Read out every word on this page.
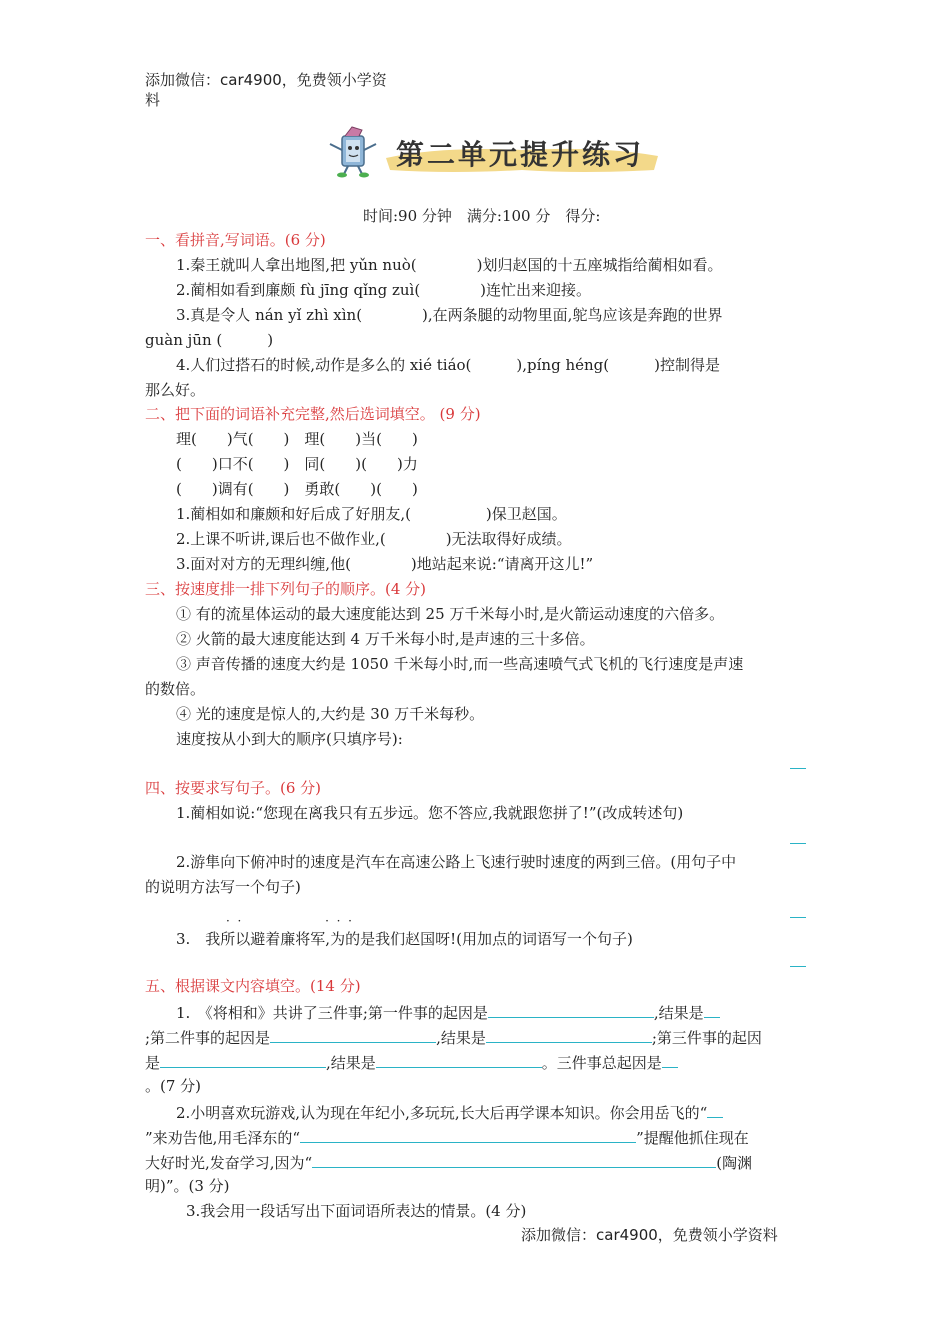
添加微信：car4900，免费领小学资
料
第二单元提升练习
时间:90 分钟　满分:100 分　得分:
一、看拼音,写词语。(6 分)
1.秦王就叫人拿出地图,把 yǔn nuò(　　　　)划归赵国的十五座城指给蔺相如看。
2.蔺相如看到廉颇 fù jīng qǐng zuì(　　　　)连忙出来迎接。
3.真是令人 nán yǐ zhì xìn(　　　　),在两条腿的动物里面,鸵鸟应该是奔跑的世界
guàn jūn (　　　)
4.人们过搭石的时候,动作是多么的 xié tiáo(　　　),píng héng(　　　)控制得是
那么好。
二、把下面的词语补充完整,然后选词填空。 (9 分)
理(　　)气(　　)　理(　　)当(　　)
(　　)口不(　　)　同(　　)(　　)力
(　　)调有(　　)　勇敢(　　)(　　)
1.蔺相如和廉颇和好后成了好朋友,(　　　　　)保卫赵国。
2.上课不听讲,课后也不做作业,(　　　　)无法取得好成绩。
3.面对对方的无理纠缠,他(　　　　)地站起来说:“请离开这儿!”
三、按速度排一排下列句子的顺序。(4 分)
① 有的流星体运动的最大速度能达到 25 万千米每小时,是火箭运动速度的六倍多。
② 火箭的最大速度能达到 4 万千米每小时,是声速的三十多倍。
③ 声音传播的速度大约是 1050 千米每小时,而一些高速喷气式飞机的飞行速度是声速
的数倍。
④ 光的速度是惊人的,大约是 30 万千米每秒。
速度按从小到大的顺序(只填序号):
四、按要求写句子。(6 分)
1.蔺相如说:“您现在离我只有五步远。您不答应,我就跟您拼了!”(改成转述句)
2.游隼向下俯冲时的速度是汽车在高速公路上飞速行驶时速度的两到三倍。(用句子中
的说明方法写一个句子)
·  ·                      ·  ·  ·
3.　我所以避着廉将军,为的是我们赵国呀!(用加点的词语写一个句子)
五、根据课文内容填空。(14 分)
1.　《将相和》共讲了三件事;第一件事的起因是	,结果是
;第二件事的起因是	,结果是	;第三件事的起因
是	,结果是	。三件事总起因是
。(7 分)
2.小明喜欢玩游戏,认为现在年纪小,多玩玩,长大后再学课本知识。你会用岳飞的“
”来劝告他,用毛泽东的“	”提醒他抓住现在
大好时光,发奋学习,因为“	(陶渊
明)”。(3 分)
3.我会用一段话写出下面词语所表达的情景。(4 分)
添加微信：car4900，免费领小学资料
